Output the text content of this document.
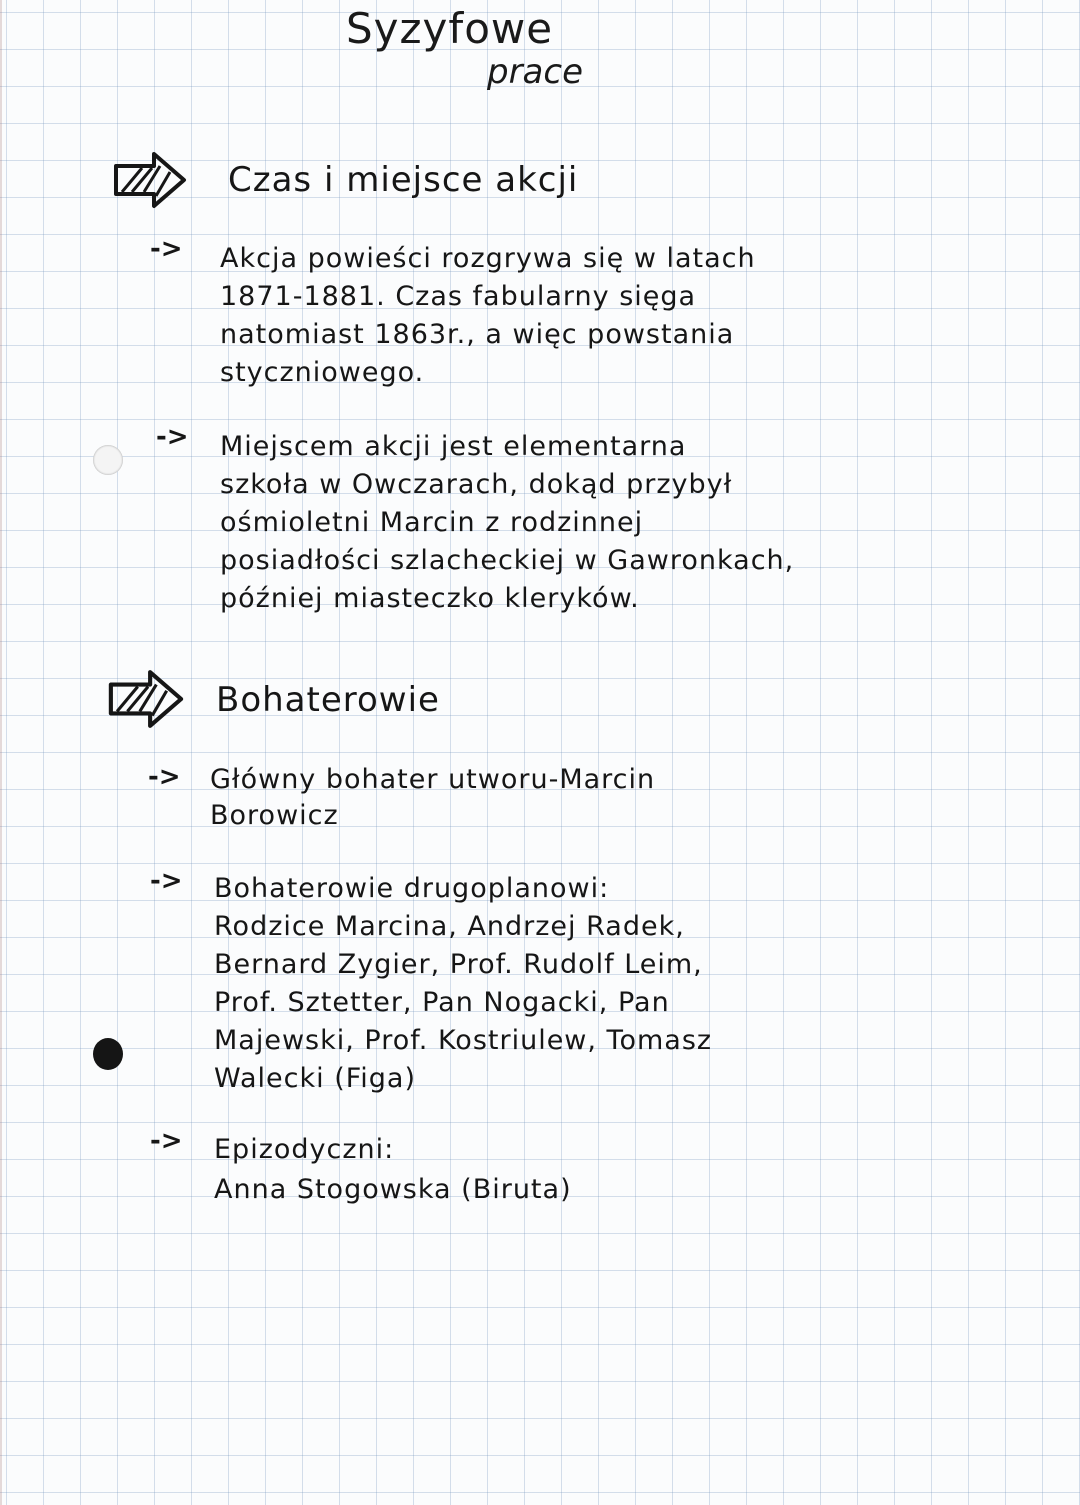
Syzyfowe
prace
Czas i miejsce akcji
-> Akcja powieści rozgrywa się w latach
1871-1881. Czas fabularny sięga
natomiast 1863r., a więc powstania
styczniowego.
-> Miejscem akcji jest elementarna
szkoła w Owczarach, dokąd przybył
ośmioletni Marcin z rodzinnej
posiadłości szlacheckiej w Gawronkach,
później miasteczko kleryków.
Bohaterowie
-> Główny bohater utworu-Marcin
Borowicz
-> Bohaterowie drugoplanowi:
Rodzice Marcina, Andrzej Radek,
Bernard Zygier, Prof. Rudolf Leim,
Prof. Sztetter, Pan Nogacki, Pan
Majewski, Prof. Kostriulew, Tomasz
Walecki (Figa)
-> Epizodyczni:
Anna Stogowska (Biruta)
